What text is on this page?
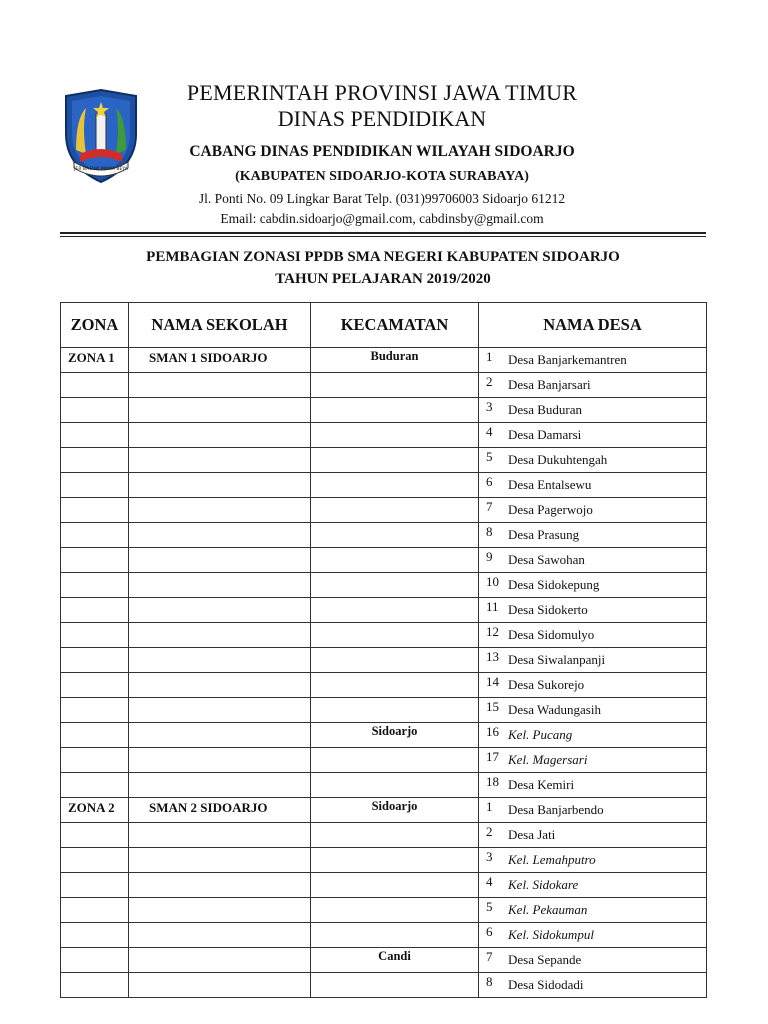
JER BASUKI MAWA BEYA
PEMERINTAH PROVINSI JAWA TIMUR
DINAS PENDIDIKAN
CABANG DINAS PENDIDIKAN WILAYAH SIDOARJO
(KABUPATEN SIDOARJO-KOTA SURABAYA)
Jl. Ponti No. 09 Lingkar Barat Telp. (031)99706003 Sidoarjo 61212
Email: cabdin.sidoarjo@gmail.com, cabdinsby@gmail.com
PEMBAGIAN ZONASI PPDB SMA NEGERI KABUPATEN SIDOARJO
TAHUN PELAJARAN 2019/2020
ZONA	NAMA SEKOLAH	KECAMATAN	NAMA DESA
ZONA 1	SMAN 1 SIDOARJO	Buduran	1 Desa Banjarkemantren

			2 Desa Banjarsari

			3 Desa Buduran

			4 Desa Damarsi

			5 Desa Dukuhtengah

			6 Desa Entalsewu

			7 Desa Pagerwojo

			8 Desa Prasung

			9 Desa Sawohan

			10 Desa Sidokepung

			11 Desa Sidokerto

			12 Desa Sidomulyo

			13 Desa Siwalanpanji

			14 Desa Sukorejo

			15 Desa Wadungasih

		Sidoarjo	16 Kel. Pucang

			17 Kel. Magersari

			18 Desa Kemiri

ZONA 2	SMAN 2 SIDOARJO	Sidoarjo	1 Desa Banjarbendo

			2 Desa Jati

			3 Kel. Lemahputro

			4 Kel. Sidokare

			5 Kel. Pekauman

			6 Kel. Sidokumpul

		Candi	7 Desa Sepande

			8 Desa Sidodadi
